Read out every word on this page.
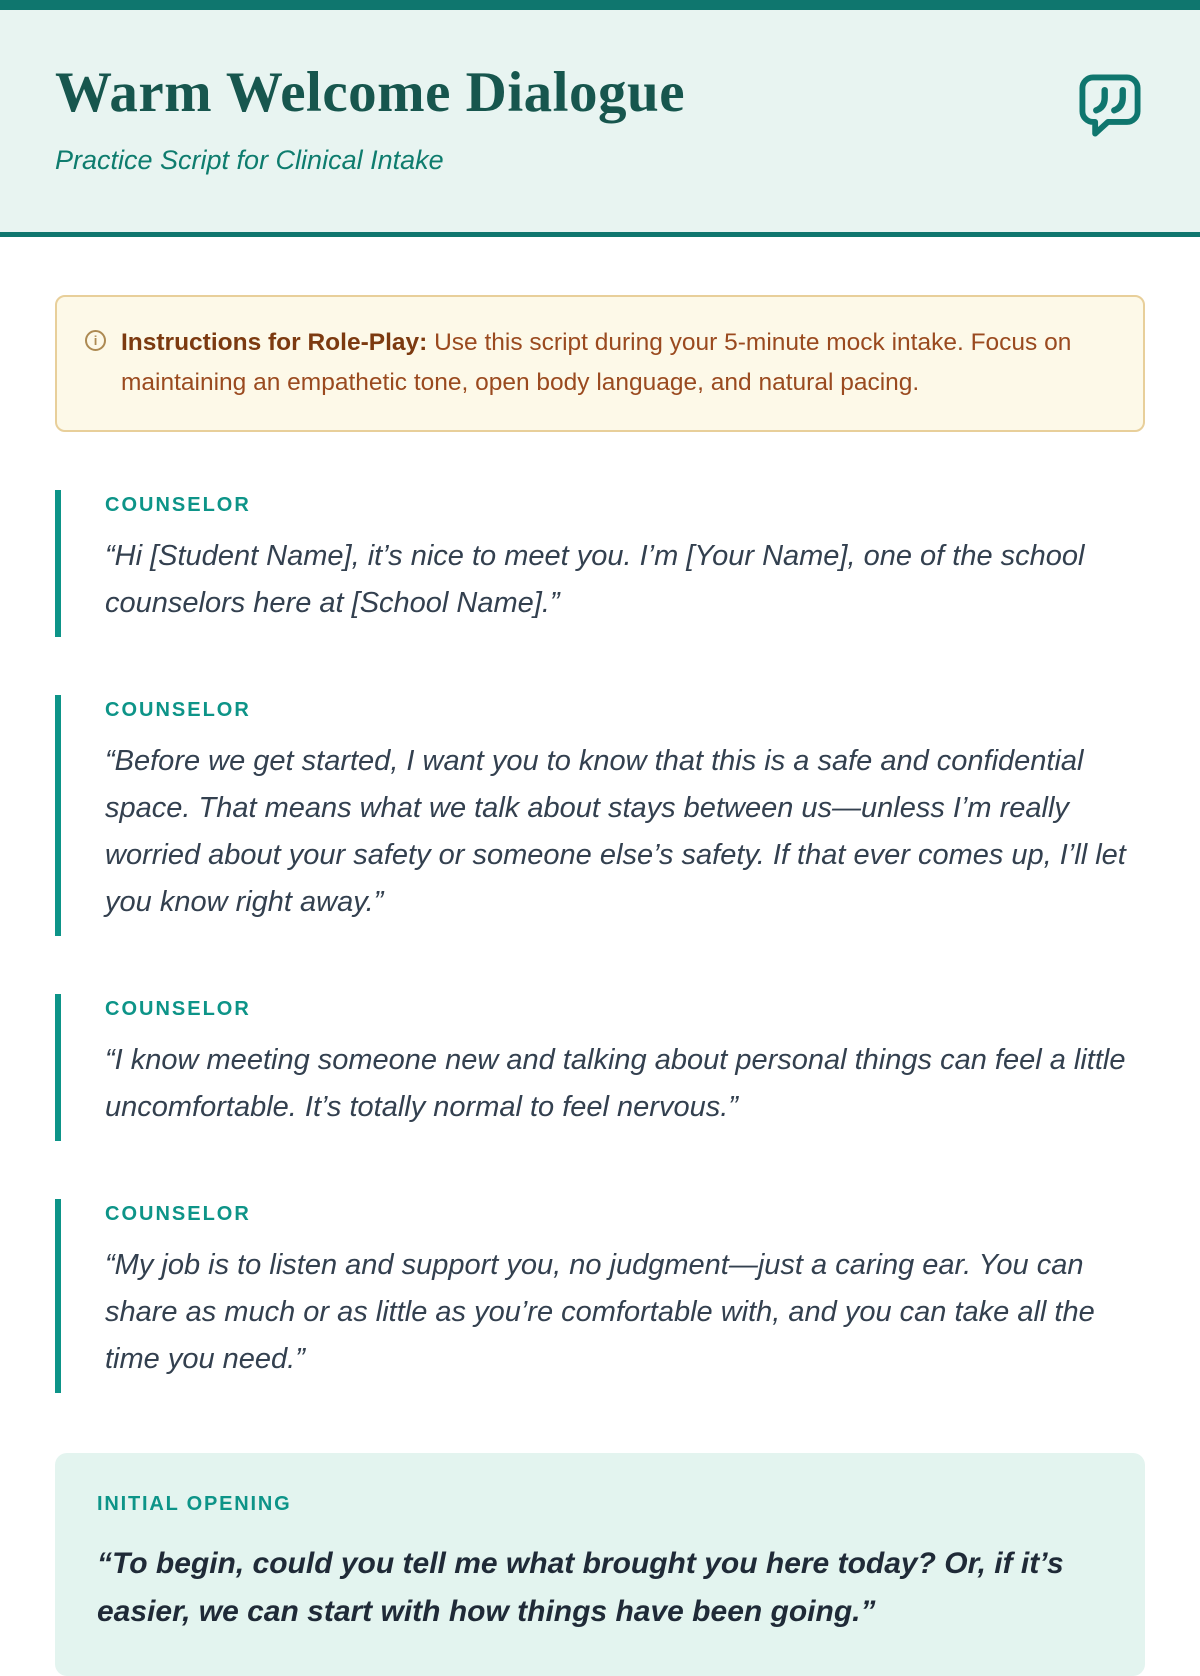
Warm Welcome Dialogue

Practice Script for Clinical Intake

i Instructions for Role-Play: Use this script during your 5-minute mock intake. Focus on maintaining an empathetic tone, open body language, and natural pacing.

COUNSELOR

“Hi [Student Name], it’s nice to meet you. I’m [Your Name], one of the school counselors here at [School Name].”

COUNSELOR

“Before we get started, I want you to know that this is a safe and confidential space. That means what we talk about stays between us—unless I’m really worried about your safety or someone else’s safety. If that ever comes up, I’ll let you know right away.”

COUNSELOR

“I know meeting someone new and talking about personal things can feel a little uncomfortable. It’s totally normal to feel nervous.”

COUNSELOR

“My job is to listen and support you, no judgment—just a caring ear. You can share as much or as little as you’re comfortable with, and you can take all the time you need.”

INITIAL OPENING

“To begin, could you tell me what brought you here today? Or, if it’s easier, we can start with how things have been going.”
